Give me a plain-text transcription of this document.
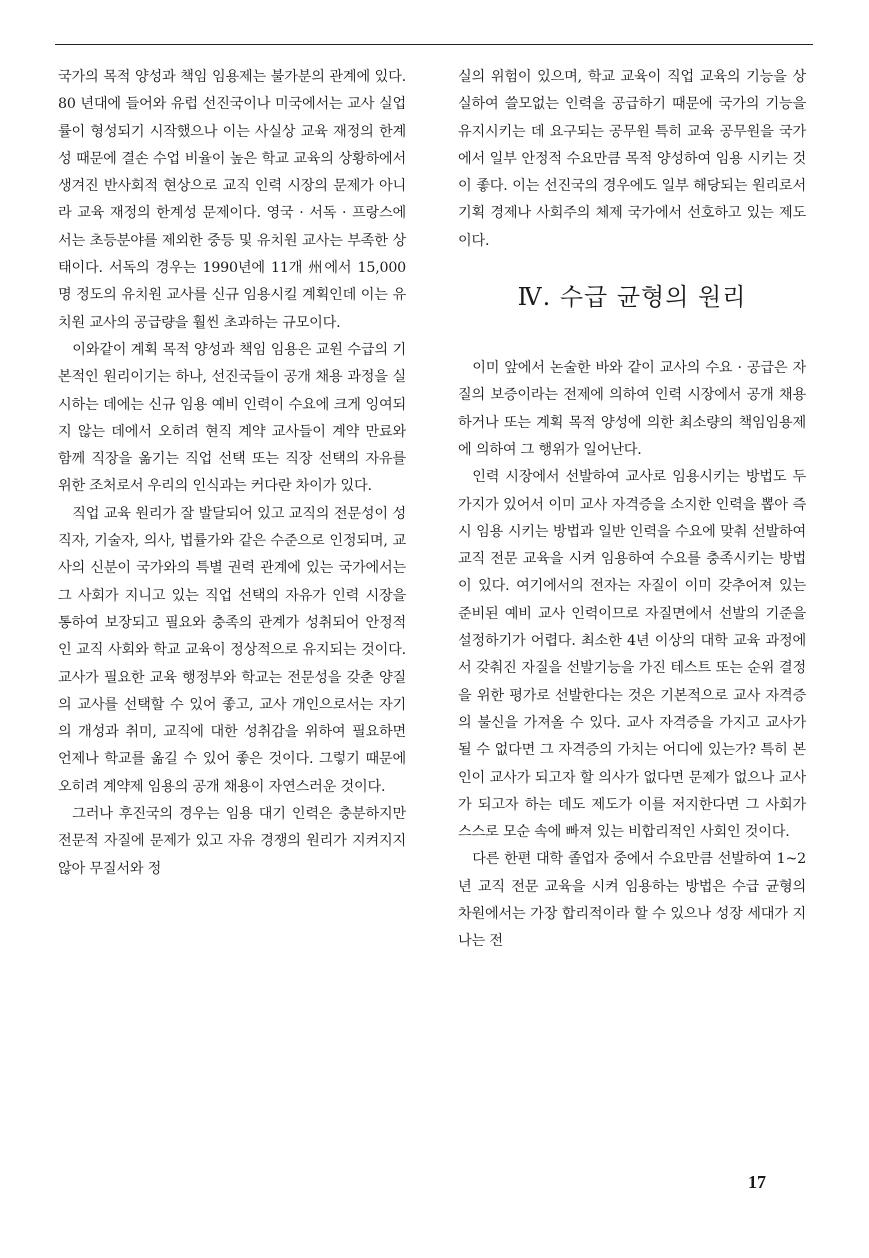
국가의 목적 양성과 책임 임용제는 불가분의 관계에 있다. 80 년대에 들어와 유럽 선진국이나 미국에서는 교사 실업률이 형성되기 시작했으나 이는 사실상 교육 재정의 한계성 때문에 결손 수업 비율이 높은 학교 교육의 상황하에서 생겨진 반사회적 현상으로 교직 인력 시장의 문제가 아니라 교육 재정의 한계성 문제이다. 영국 · 서독 · 프랑스에서는 초등분야를 제외한 중등 및 유치원 교사는 부족한 상태이다. 서독의 경우는 1990년에 11개 州에서 15,000명 정도의 유치원 교사를 신규 임용시킬 계획인데 이는 유치원 교사의 공급량을 훨씬 초과하는 규모이다.

이와같이 계획 목적 양성과 책임 임용은 교원 수급의 기본적인 원리이기는 하나, 선진국들이 공개 채용 과정을 실시하는 데에는 신규 임용 예비 인력이 수요에 크게 잉여되지 않는 데에서 오히려 현직 계약 교사들이 계약 만료와 함께 직장을 옮기는 직업 선택 또는 직장 선택의 자유를 위한 조처로서 우리의 인식과는 커다란 차이가 있다.

직업 교육 원리가 잘 발달되어 있고 교직의 전문성이 성직자, 기술자, 의사, 법률가와 같은 수준으로 인정되며, 교사의 신분이 국가와의 특별 권력 관계에 있는 국가에서는 그 사회가 지니고 있는 직업 선택의 자유가 인력 시장을 통하여 보장되고 필요와 충족의 관계가 성취되어 안정적인 교직 사회와 학교 교육이 정상적으로 유지되는 것이다. 교사가 필요한 교육 행정부와 학교는 전문성을 갖춘 양질의 교사를 선택할 수 있어 좋고, 교사 개인으로서는 자기의 개성과 취미, 교직에 대한 성취감을 위하여 필요하면 언제나 학교를 옮길 수 있어 좋은 것이다. 그렇기 때문에 오히려 계약제 임용의 공개 채용이 자연스러운 것이다.

그러나 후진국의 경우는 임용 대기 인력은 충분하지만 전문적 자질에 문제가 있고 자유 경쟁의 원리가 지켜지지 않아 무질서와 정

실의 위험이 있으며, 학교 교육이 직업 교육의 기능을 상실하여 쓸모없는 인력을 공급하기 때문에 국가의 기능을 유지시키는 데 요구되는 공무원 특히 교육 공무원을 국가에서 일부 안정적 수요만큼 목적 양성하여 임용 시키는 것이 좋다. 이는 선진국의 경우에도 일부 해당되는 원리로서 기획 경제나 사회주의 체제 국가에서 선호하고 있는 제도이다.

Ⅳ. 수급 균형의 원리

이미 앞에서 논술한 바와 같이 교사의 수요 · 공급은 자질의 보증이라는 전제에 의하여 인력 시장에서 공개 채용하거나 또는 계획 목적 양성에 의한 최소량의 책임임용제에 의하여 그 행위가 일어난다.

인력 시장에서 선발하여 교사로 임용시키는 방법도 두 가지가 있어서 이미 교사 자격증을 소지한 인력을 뽑아 즉시 임용 시키는 방법과 일반 인력을 수요에 맞춰 선발하여 교직 전문 교육을 시켜 임용하여 수요를 충족시키는 방법이 있다. 여기에서의 전자는 자질이 이미 갖추어져 있는 준비된 예비 교사 인력이므로 자질면에서 선발의 기준을 설정하기가 어렵다. 최소한 4년 이상의 대학 교육 과정에서 갖춰진 자질을 선발기능을 가진 테스트 또는 순위 결정을 위한 평가로 선발한다는 것은 기본적으로 교사 자격증의 불신을 가져올 수 있다. 교사 자격증을 가지고 교사가 될 수 없다면 그 자격증의 가치는 어디에 있는가? 특히 본인이 교사가 되고자 할 의사가 없다면 문제가 없으나 교사가 되고자 하는 데도 제도가 이를 저지한다면 그 사회가 스스로 모순 속에 빠져 있는 비합리적인 사회인 것이다.

다른 한편 대학 졸업자 중에서 수요만큼 선발하여 1~2년 교직 전문 교육을 시켜 임용하는 방법은 수급 균형의 차원에서는 가장 합리적이라 할 수 있으나 성장 세대가 지나는 전

17
